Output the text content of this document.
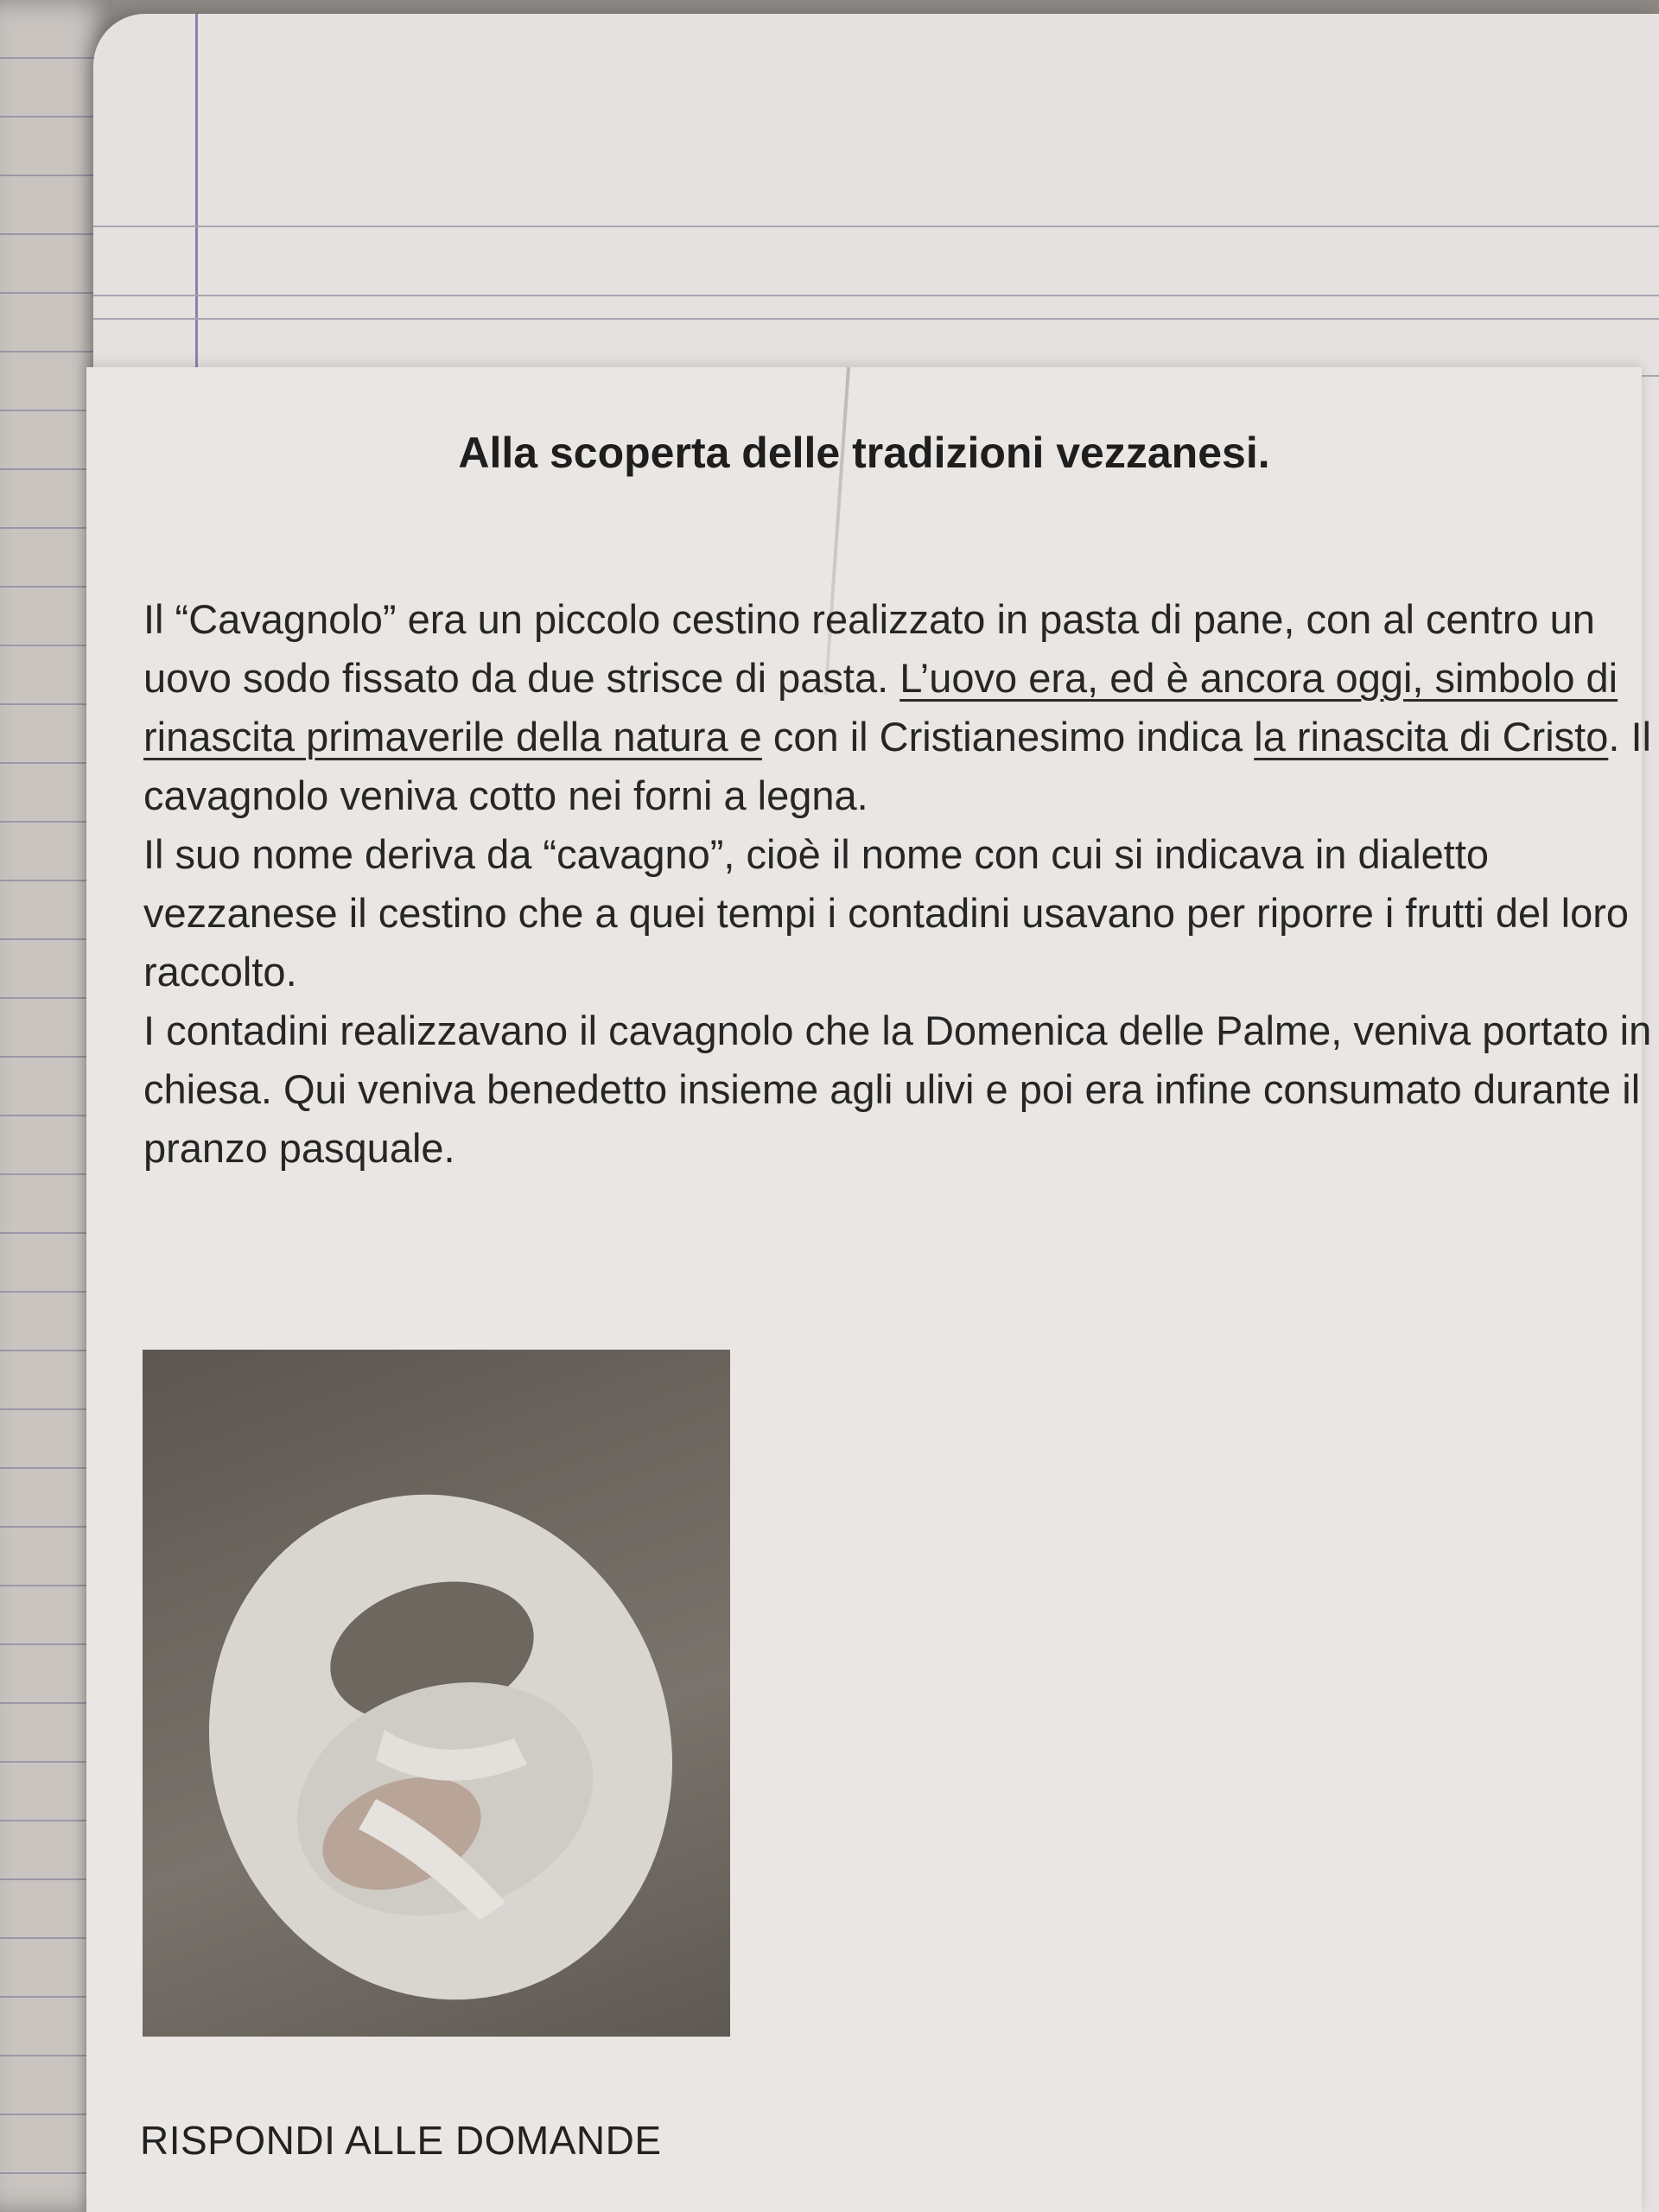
Alla scoperta delle tradizioni vezzanesi.

Il “Cavagnolo” era un piccolo cestino realizzato in pasta di pane, con al centro un uovo sodo fissato da due strisce di pasta. L’uovo era, ed è ancora oggi, simbolo di rinascita primaverile della natura e con il Cristianesimo indica la rinascita di Cristo. Il cavagnolo veniva cotto nei forni a legna.

Il suo nome deriva da “cavagno”, cioè il nome con cui si indicava in dialetto vezzanese il cestino che a quei tempi i contadini usavano per riporre i frutti del loro raccolto.

I contadini realizzavano il cavagnolo che la Domenica delle Palme, veniva portato in chiesa. Qui veniva benedetto insieme agli ulivi e poi era infine consumato durante il pranzo pasquale.

RISPONDI ALLE DOMANDE
